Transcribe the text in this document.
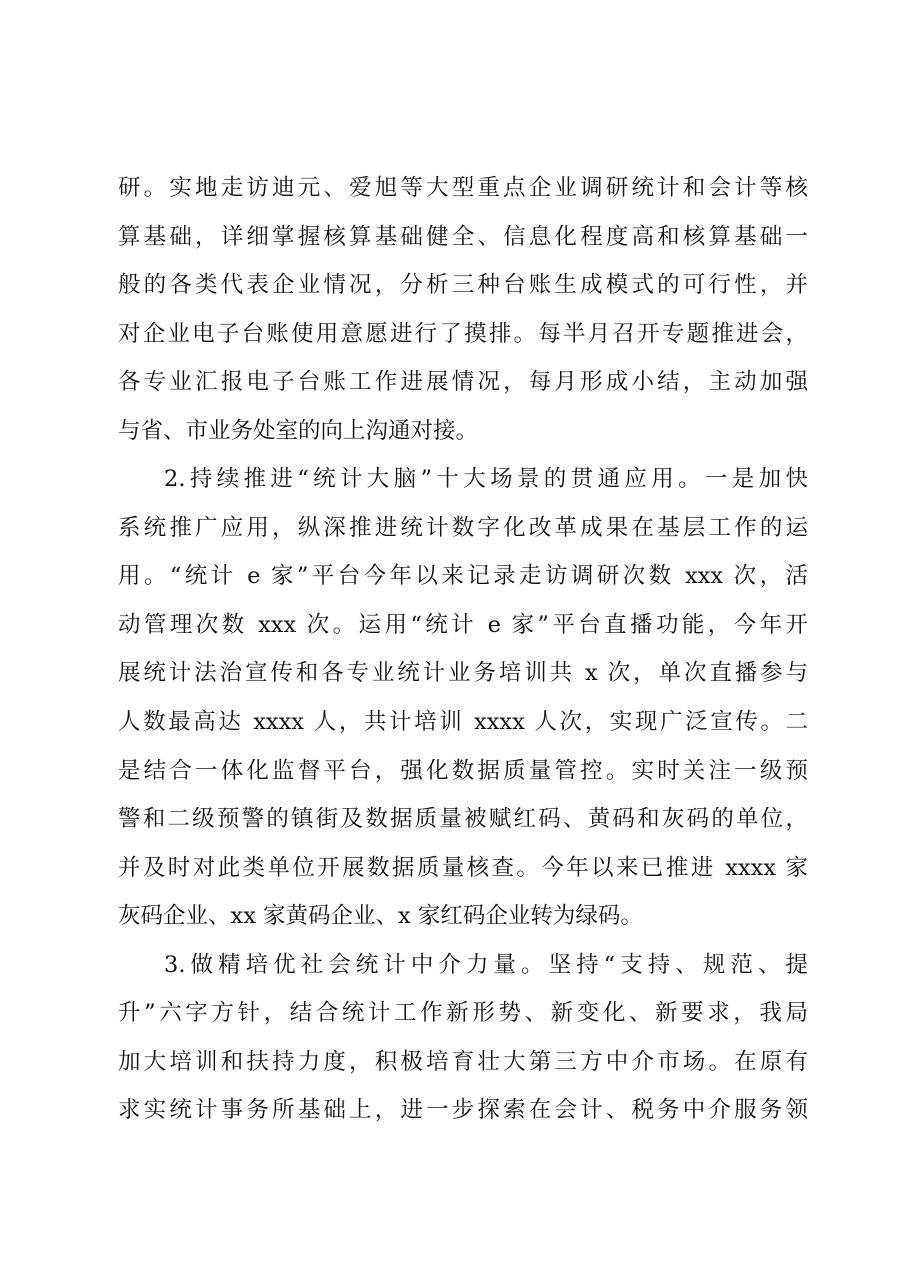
研。实地走访迪元、爱旭等大型重点企业调研统计和会计等核
算基础，详细掌握核算基础健全、信息化程度高和核算基础一
般的各类代表企业情况，分析三种台账生成模式的可行性，并
对企业电子台账使用意愿进行了摸排。每半月召开专题推进会，
各专业汇报电子台账工作进展情况，每月形成小结，主动加强
与省、市业务处室的向上沟通对接。
2.持续推进“统计大脑”十大场景的贯通应用。一是加快
系统推广应用，纵深推进统计数字化改革成果在基层工作的运
用。“统计 e 家”平台今年以来记录走访调研次数 xxx 次，活
动管理次数 xxx 次。运用“统计 e 家”平台直播功能，今年开
展统计法治宣传和各专业统计业务培训共 x 次，单次直播参与
人数最高达 xxxx 人，共计培训 xxxx 人次，实现广泛宣传。二
是结合一体化监督平台，强化数据质量管控。实时关注一级预
警和二级预警的镇街及数据质量被赋红码、黄码和灰码的单位，
并及时对此类单位开展数据质量核查。今年以来已推进 xxxx 家
灰码企业、xx 家黄码企业、x 家红码企业转为绿码。
3.做精培优社会统计中介力量。坚持“支持、规范、提
升”六字方针，结合统计工作新形势、新变化、新要求，我局
加大培训和扶持力度，积极培育壮大第三方中介市场。在原有
求实统计事务所基础上，进一步探索在会计、税务中介服务领
